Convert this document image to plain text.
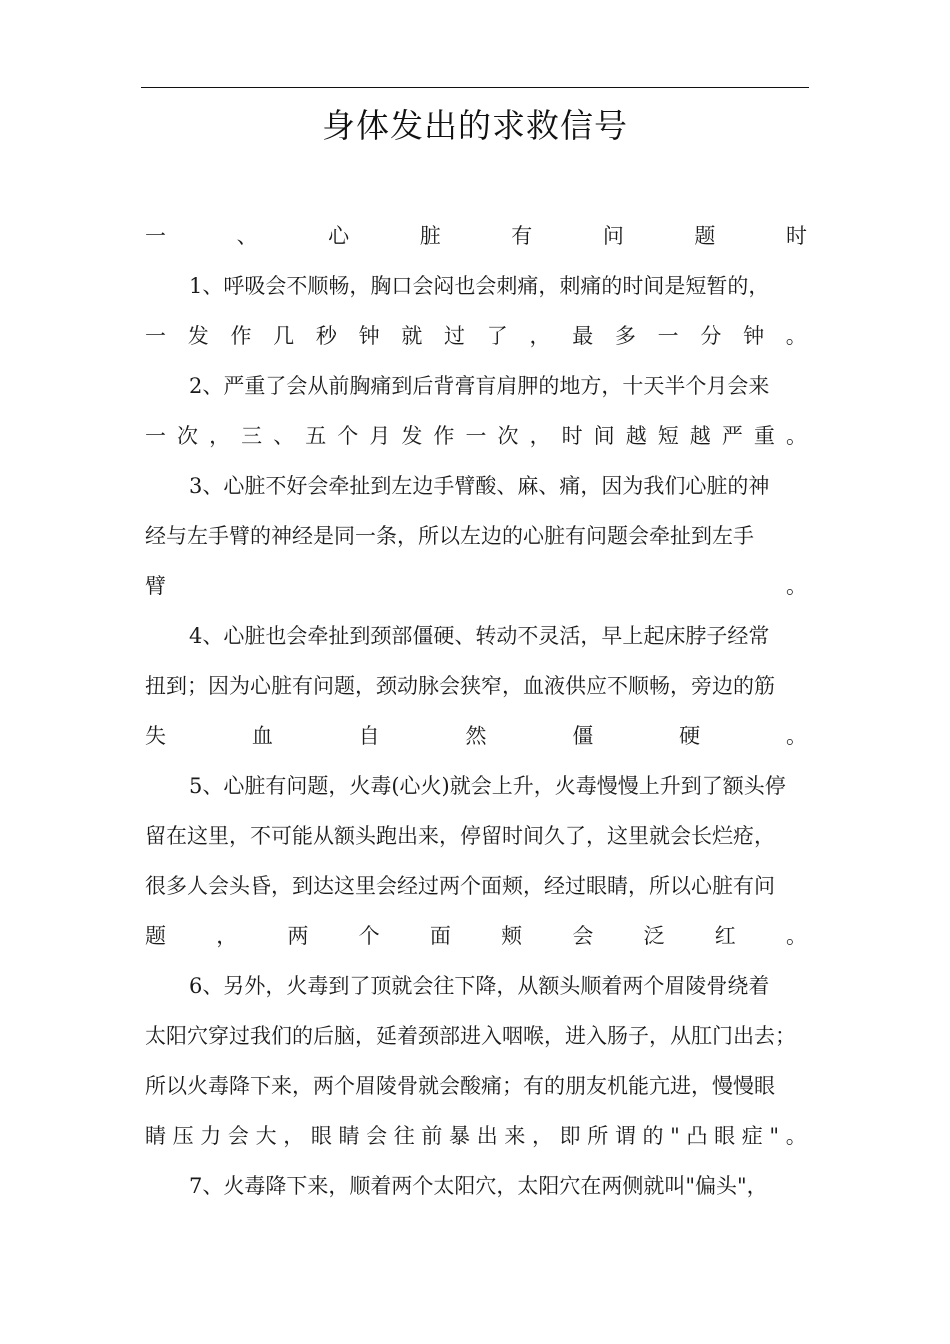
身体发出的求救信号
一	、	心	脏	有	问	题	时
1、呼吸会不顺畅，胸口会闷也会刺痛，刺痛的时间是短暂的，
一 发 作 几 秒 钟 就 过 了 ， 最 多 一 分 钟 。
2、严重了会从前胸痛到后背膏肓肩胛的地方，十天半个月会来
一 次 ， 三 、 五 个 月 发 作 一 次 ， 时 间 越 短 越 严 重 。
3、心脏不好会牵扯到左边手臂酸、麻、痛，因为我们心脏的神
经与左手臂的神经是同一条，所以左边的心脏有问题会牵扯到左手
臂	。
4、心脏也会牵扯到颈部僵硬、转动不灵活，早上起床脖子经常
扭到；因为心脏有问题，颈动脉会狭窄，血液供应不顺畅，旁边的筋
失	血	自	然	僵	硬	。
5、心脏有问题，火毒(心火)就会上升，火毒慢慢上升到了额头停
留在这里，不可能从额头跑出来，停留时间久了，这里就会长烂疮，
很多人会头昏，到达这里会经过两个面颊，经过眼睛，所以心脏有问
题 ， 两 个 面 颊 会 泛 红 。
6、另外，火毒到了顶就会往下降，从额头顺着两个眉陵骨绕着
太阳穴穿过我们的后脑，延着颈部进入咽喉，进入肠子，从肛门出去；
所以火毒降下来，两个眉陵骨就会酸痛；有的朋友机能亢进，慢慢眼
睛 压 力 会 大 ， 眼 睛 会 往 前 暴 出 来 ， 即 所 谓 的 " 凸 眼 症 " 。
7、火毒降下来，顺着两个太阳穴，太阳穴在两侧就叫"偏头"，
